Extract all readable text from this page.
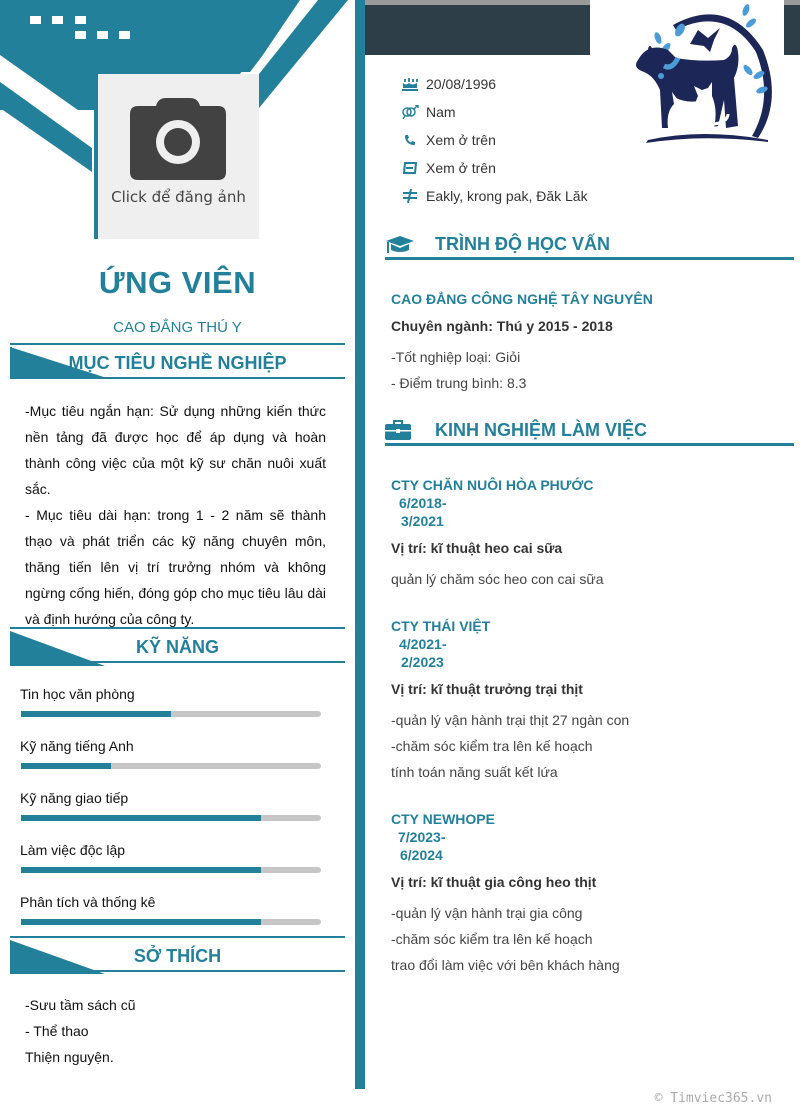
Click để đăng ảnh
ỨNG VIÊN
CAO ĐẲNG THÚ Y
MỤC TIÊU NGHỀ NGHIỆP
-Mục tiêu ngắn hạn: Sử dụng những kiến thức nền tảng đã được học để áp dụng và hoàn thành công việc của một kỹ sư chăn nuôi xuất sắc.
- Mục tiêu dài hạn: trong 1 - 2 năm sẽ thành thạo và phát triển các kỹ năng chuyên môn, thăng tiến lên vị trí trưởng nhóm và không ngừng cống hiến, đóng góp cho mục tiêu lâu dài và định hướng của công ty.
KỸ NĂNG
Tin học văn phòng
Kỹ năng tiếng Anh
Kỹ năng giao tiếp
Làm việc độc lập
Phân tích và thống kê
SỞ THÍCH
-Sưu tầm sách cũ
- Thể thao
Thiện nguyện.
20/08/1996
Nam
Xem ở trên
Xem ở trên
Eakly, krong pak, Đăk Lăk
TRÌNH ĐỘ HỌC VẤN
CAO ĐẲNG CÔNG NGHỆ TÂY NGUYÊN
Chuyên ngành: Thú y 2015 - 2018
-Tốt nghiệp loại: Giỏi
- Điểm trung bình: 8.3
KINH NGHIỆM LÀM VIỆC
CTY CHĂN NUÔI HÒA PHƯỚC
6/2018-
3/2021
Vị trí: kĩ thuật heo cai sữa
quản lý chăm sóc heo con cai sữa
CTY THÁI VIỆT
4/2021-
2/2023
Vị trí: kĩ thuật trưởng trại thịt
-quản lý vận hành trại thịt 27 ngàn con
-chăm sóc kiểm tra lên kế hoạch
tính toán năng suất kết lứa
CTY NEWHOPE
7/2023-
6/2024
Vị trí: kĩ thuật gia công heo thịt
-quản lý vận hành trại gia công
-chăm sóc kiểm tra lên kế hoạch
trao đổi làm việc với bên khách hàng
© Timviec365.vn
